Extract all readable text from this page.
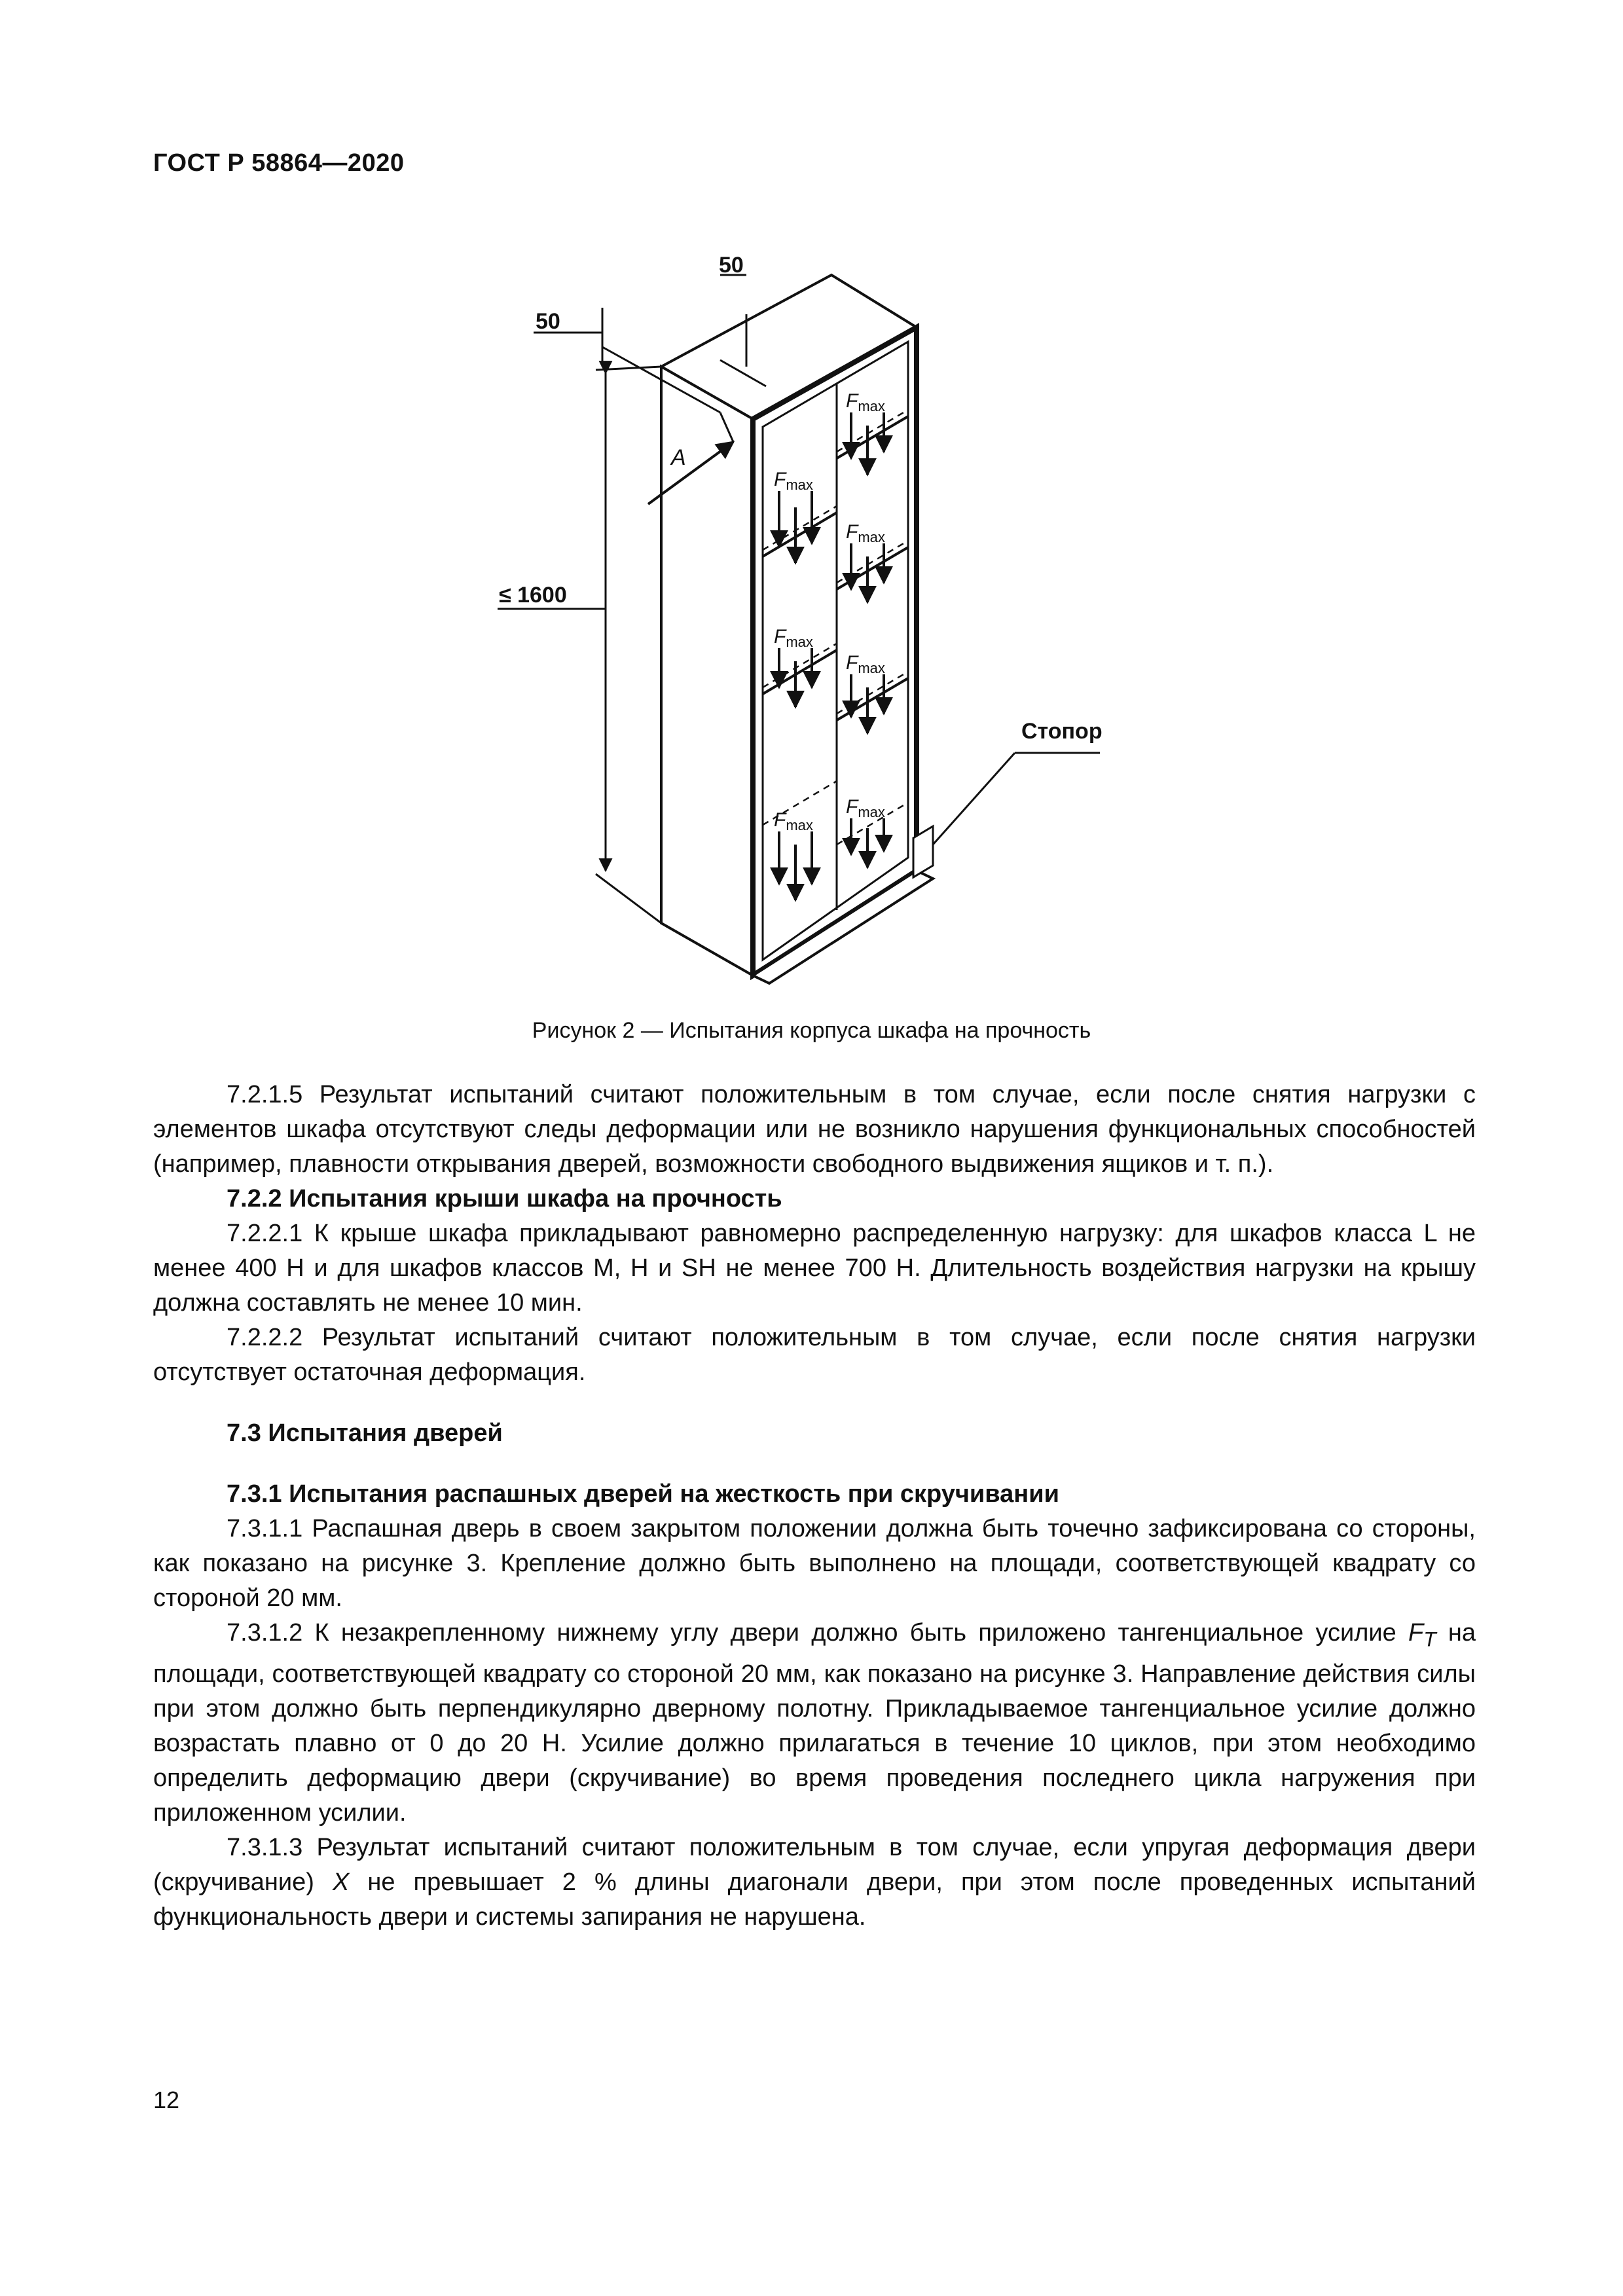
ГОСТ Р 58864—2020
50
50
≤ 1600
A
Стопор
$F_{max}$
$F_{max}$
$F_{max}$
$F_{max}$
$F_{max}$
$F_{max}$
$F_{max}$
Рисунок 2 — Испытания корпуса шкафа на прочность

7.2.1.5 Результат испытаний считают положительным в том случае, если после снятия нагрузки с элементов шкафа отсутствуют следы деформации или не возникло нарушения функциональных способностей (например, плавности открывания дверей, возможности свободного выдвижения ящиков и т. п.).

7.2.2 Испытания крыши шкафа на прочность

7.2.2.1 К крыше шкафа прикладывают равномерно распределенную нагрузку: для шкафов класса L не менее 400 Н и для шкафов классов M, H и SH не менее 700 Н. Длительность воздействия нагрузки на крышу должна составлять не менее 10 мин.

7.2.2.2 Результат испытаний считают положительным в том случае, если после снятия нагрузки отсутствует остаточная деформация.

7.3 Испытания дверей

7.3.1 Испытания распашных дверей на жесткость при скручивании

7.3.1.1 Распашная дверь в своем закрытом положении должна быть точечно зафиксирована со стороны, как показано на рисунке 3. Крепление должно быть выполнено на площади, соответствующей квадрату со стороной 20 мм.

7.3.1.2 К незакрепленному нижнему углу двери должно быть приложено тангенциальное усилие $F_T$ на площади, соответствующей квадрату со стороной 20 мм, как показано на рисунке 3. Направление действия силы при этом должно быть перпендикулярно дверному полотну. Прикладываемое тангенциальное усилие должно возрастать плавно от 0 до 20 Н. Усилие должно прилагаться в течение 10 циклов, при этом необходимо определить деформацию двери (скручивание) во время проведения последнего цикла нагружения при приложенном усилии.

7.3.1.3 Результат испытаний считают положительным в том случае, если упругая деформация двери (скручивание) X не превышает 2 % длины диагонали двери, при этом после проведенных испытаний функциональность двери и системы запирания не нарушена.

12
